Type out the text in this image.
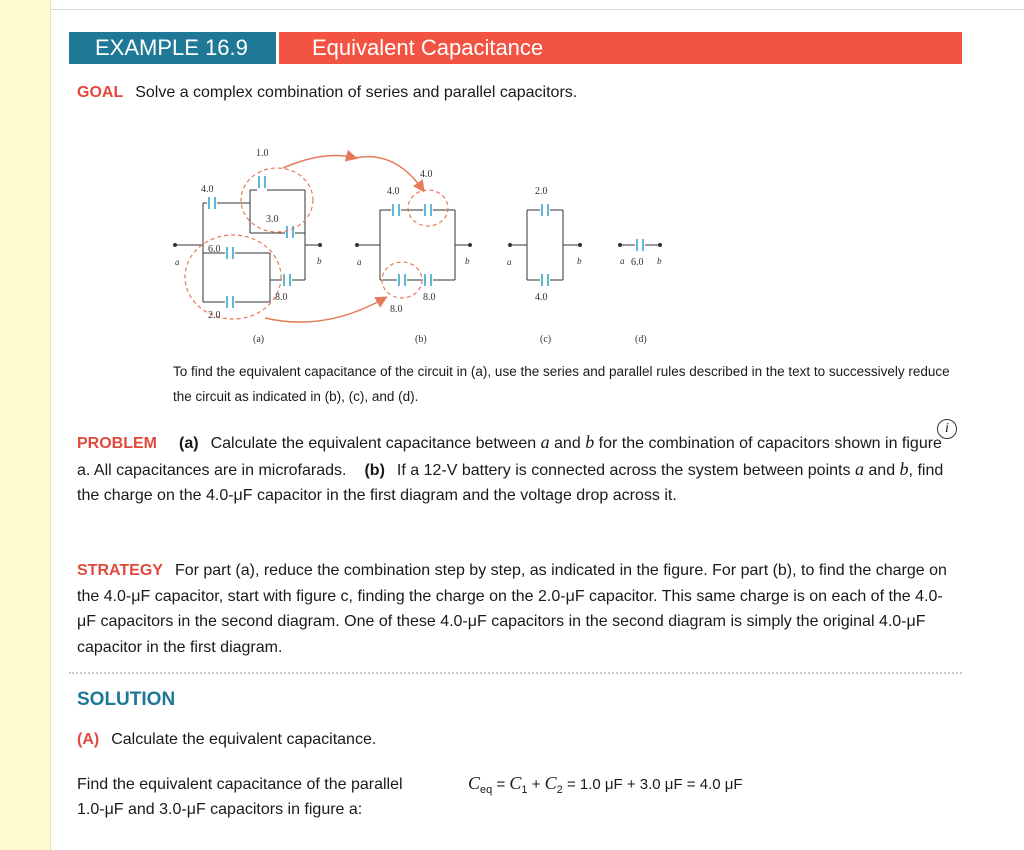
EXAMPLE 16.9	Equivalent Capacitance
GOAL Solve a complex combination of series and parallel capacitors.
1.0
4.0
3.0
6.0
2.0
8.0
4.0
4.0
8.0
8.0
2.0
4.0
6.0
a	b	a	b	a	b	a	b
(a)	(b)	(c)	(d)
To find the equivalent capacitance of the circuit in (a), use the series and parallel rules described in the text to successively reduce the circuit as indicated in (b), (c), and (d).
i
PROBLEM (a) Calculate the equivalent capacitance between a and b for the combination of capacitors shown in figure a. All capacitances are in microfarads. (b) If a 12-V battery is connected across the system between points a and b, find the charge on the 4.0-μF capacitor in the first diagram and the voltage drop across it.
STRATEGY For part (a), reduce the combination step by step, as indicated in the figure. For part (b), to find the charge on the 4.0-μF capacitor, start with figure c, finding the charge on the 2.0-μF capacitor. This same charge is on each of the 4.0-μF capacitors in the second diagram. One of these 4.0-μF capacitors in the second diagram is simply the original 4.0-μF capacitor in the first diagram.
SOLUTION
(A) Calculate the equivalent capacitance.
Find the equivalent capacitance of the parallel 1.0-μF and 3.0-μF capacitors in figure a:
$C_{eq} = C_1 + C_2 = 1.0$ μF + 3.0 μF = 4.0 μF
